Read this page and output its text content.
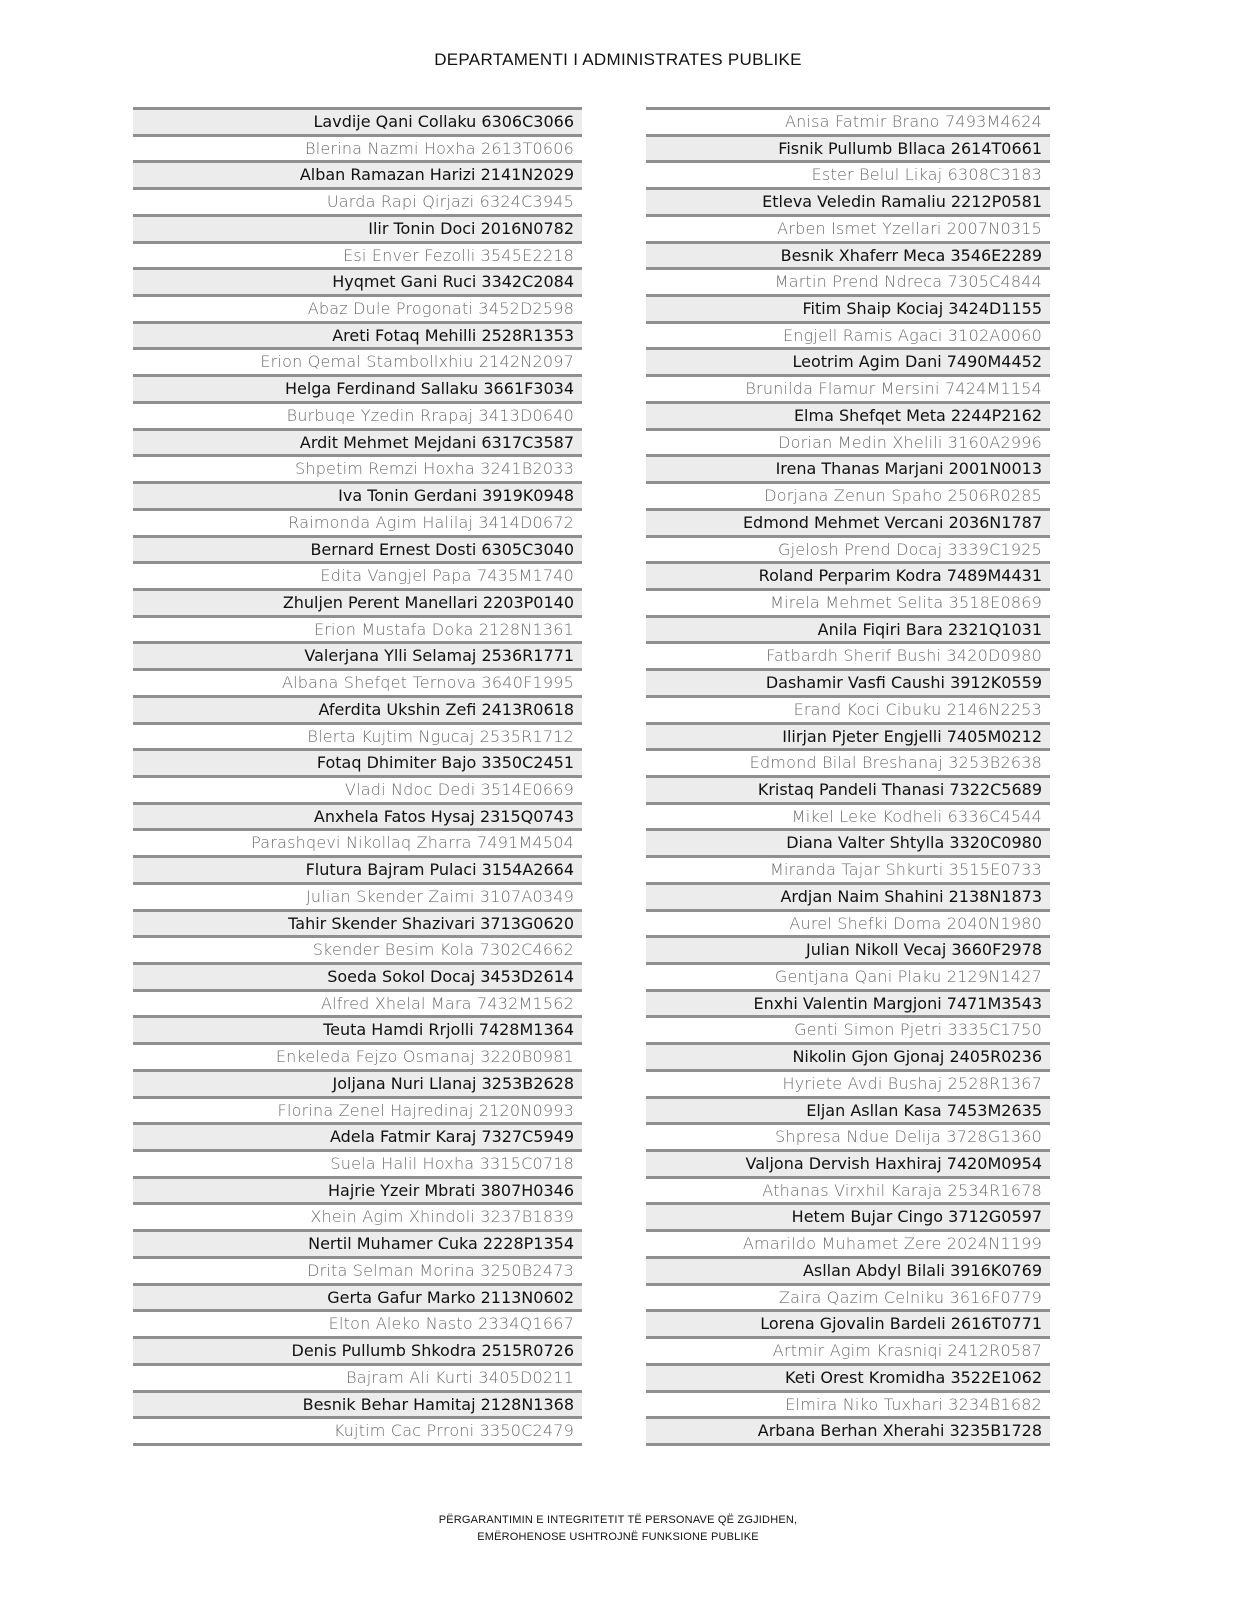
DEPARTAMENTI I ADMINISTRATES PUBLIKE
Lavdije Qani Collaku 6306C3066
Blerina Nazmi Hoxha 2613T0606
Alban Ramazan Harizi 2141N2029
Uarda Rapi Qirjazi 6324C3945
Ilir Tonin Doci 2016N0782
Esi Enver Fezolli 3545E2218
Hyqmet Gani Ruci 3342C2084
Abaz Dule Progonati 3452D2598
Areti Fotaq Mehilli 2528R1353
Erion Qemal Stambollxhiu 2142N2097
Helga Ferdinand Sallaku 3661F3034
Burbuqe Yzedin Rrapaj 3413D0640
Ardit Mehmet Mejdani 6317C3587
Shpetim Remzi Hoxha 3241B2033
Iva Tonin Gerdani 3919K0948
Raimonda Agim Halilaj 3414D0672
Bernard Ernest Dosti 6305C3040
Edita Vangjel Papa 7435M1740
Zhuljen Perent Manellari 2203P0140
Erion Mustafa Doka 2128N1361
Valerjana Ylli Selamaj 2536R1771
Albana Shefqet Ternova 3640F1995
Aferdita Ukshin Zefi 2413R0618
Blerta Kujtim Ngucaj 2535R1712
Fotaq Dhimiter Bajo 3350C2451
Vladi Ndoc Dedi 3514E0669
Anxhela Fatos Hysaj 2315Q0743
Parashqevi Nikollaq Zharra 7491M4504
Flutura Bajram Pulaci 3154A2664
Julian Skender Zaimi 3107A0349
Tahir Skender Shazivari 3713G0620
Skender Besim Kola 7302C4662
Soeda Sokol Docaj 3453D2614
Alfred Xhelal Mara 7432M1562
Teuta Hamdi Rrjolli 7428M1364
Enkeleda Fejzo Osmanaj 3220B0981
Joljana Nuri Llanaj 3253B2628
Florina Zenel Hajredinaj 2120N0993
Adela Fatmir Karaj 7327C5949
Suela Halil Hoxha 3315C0718
Hajrie Yzeir Mbrati 3807H0346
Xhein Agim Xhindoli 3237B1839
Nertil Muhamer Cuka 2228P1354
Drita Selman Morina 3250B2473
Gerta Gafur Marko 2113N0602
Elton Aleko Nasto 2334Q1667
Denis Pullumb Shkodra 2515R0726
Bajram Ali Kurti 3405D0211
Besnik Behar Hamitaj 2128N1368
Kujtim Cac Prroni 3350C2479
Anisa Fatmir Brano 7493M4624
Fisnik Pullumb Bllaca 2614T0661
Ester Belul Likaj 6308C3183
Etleva Veledin Ramaliu 2212P0581
Arben Ismet Yzellari 2007N0315
Besnik Xhaferr Meca 3546E2289
Martin Prend Ndreca 7305C4844
Fitim Shaip Kociaj 3424D1155
Engjell Ramis Agaci 3102A0060
Leotrim Agim Dani 7490M4452
Brunilda Flamur Mersini 7424M1154
Elma Shefqet Meta 2244P2162
Dorian Medin Xhelili 3160A2996
Irena Thanas Marjani 2001N0013
Dorjana Zenun Spaho 2506R0285
Edmond Mehmet Vercani 2036N1787
Gjelosh Prend Docaj 3339C1925
Roland Perparim Kodra 7489M4431
Mirela Mehmet Selita 3518E0869
Anila Fiqiri Bara 2321Q1031
Fatbardh Sherif Bushi 3420D0980
Dashamir Vasfi Caushi 3912K0559
Erand Koci Cibuku 2146N2253
Ilirjan Pjeter Engjelli 7405M0212
Edmond Bilal Breshanaj 3253B2638
Kristaq Pandeli Thanasi 7322C5689
Mikel Leke Kodheli 6336C4544
Diana Valter Shtylla 3320C0980
Miranda Tajar Shkurti 3515E0733
Ardjan Naim Shahini 2138N1873
Aurel Shefki Doma 2040N1980
Julian Nikoll Vecaj 3660F2978
Gentjana Qani Plaku 2129N1427
Enxhi Valentin Margjoni 7471M3543
Genti Simon Pjetri 3335C1750
Nikolin Gjon Gjonaj 2405R0236
Hyriete Avdi Bushaj 2528R1367
Eljan Asllan Kasa 7453M2635
Shpresa Ndue Delija 3728G1360
Valjona Dervish Haxhiraj 7420M0954
Athanas Virxhil Karaja 2534R1678
Hetem Bujar Cingo 3712G0597
Amarildo Muhamet Zere 2024N1199
Asllan Abdyl Bilali 3916K0769
Zaira Qazim Celniku 3616F0779
Lorena Gjovalin Bardeli 2616T0771
Artmir Agim Krasniqi 2412R0587
Keti Orest Kromidha 3522E1062
Elmira Niko Tuxhari 3234B1682
Arbana Berhan Xherahi 3235B1728
PËRGARANTIMIN E INTEGRITETIT TË PERSONAVE QË ZGJIDHEN,
EMËROHENOSE USHTROJNË FUNKSIONE PUBLIKE
